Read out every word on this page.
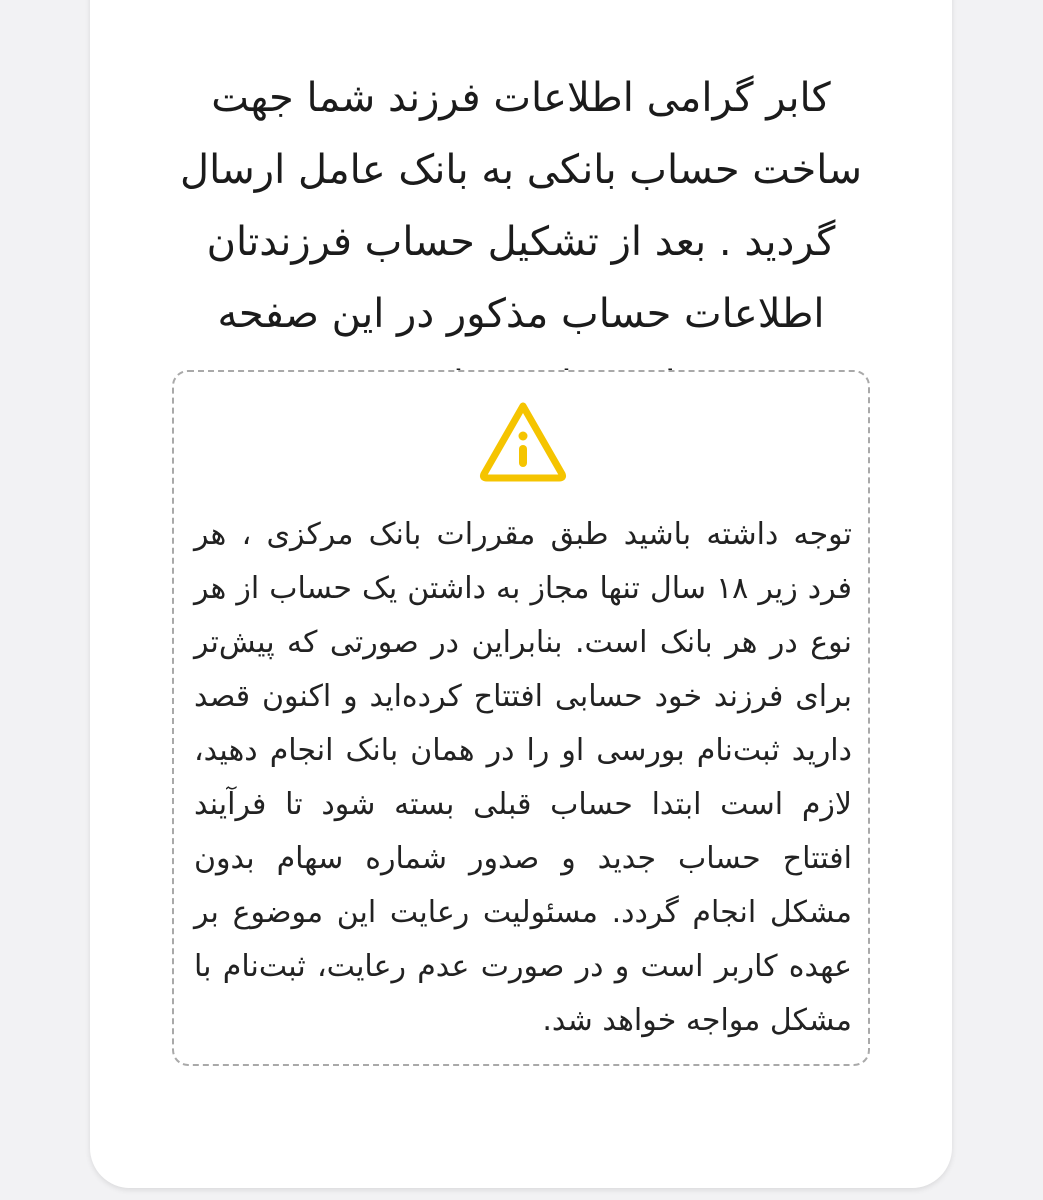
کابر گرامی اطلاعات فرزند شما جهت ساخت حساب بانکی به بانک عامل ارسال گردید . بعد از تشکیل حساب فرزندتان اطلاعات حساب مذکور در این صفحه

توجه داشته باشید طبق مقررات بانک مرکزی ، هر فرد زیر ۱۸ سال تنها مجاز به داشتن یک حساب از هر نوع در هر بانک است. بنابراین در صورتی که پیش‌تر برای فرزند خود حسابی افتتاح کرده‌اید و اکنون قصد دارید ثبت‌نام بورسی او را در همان بانک انجام دهید، لازم است ابتدا حساب قبلی بسته شود تا فرآیند افتتاح حساب جدید و صدور شماره سهام بدون مشکل انجام گردد. مسئولیت رعایت این موضوع بر عهده کاربر است و در صورت عدم رعایت، ثبت‌نام با مشکل مواجه خواهد شد.
